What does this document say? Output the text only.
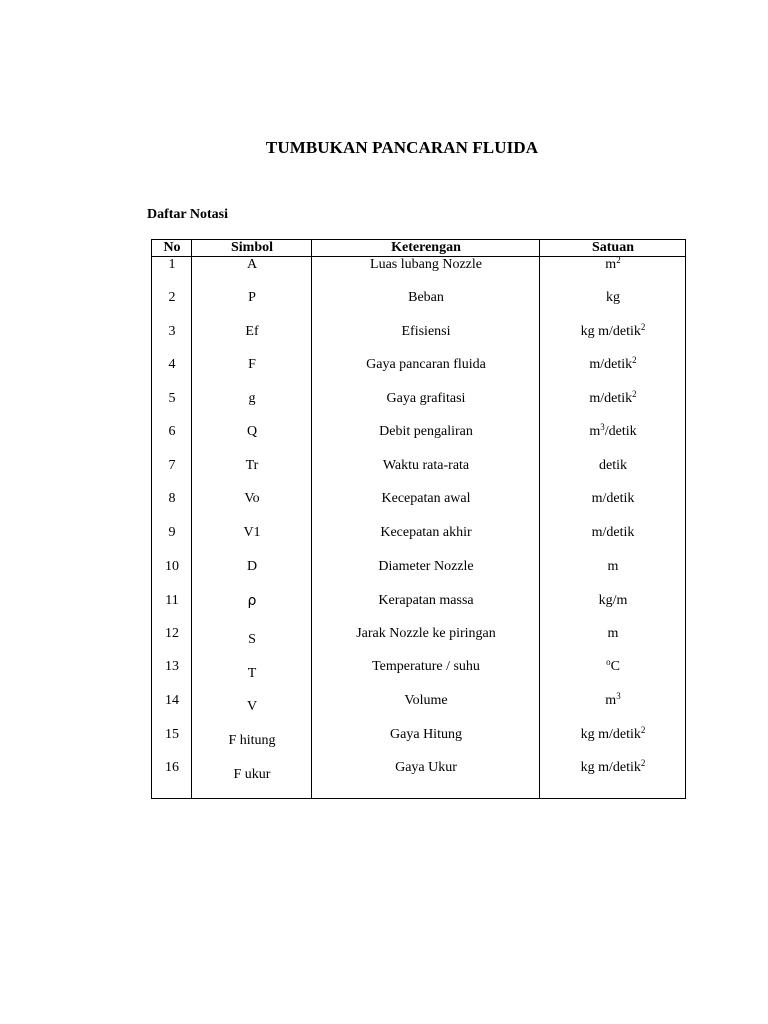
TUMBUKAN PANCARAN FLUIDA
Daftar Notasi
No	Simbol	Keterengan	Satuan
1	A	Luas lubang Nozzle	$m^2$
2	P	Beban	kg
3	Ef	Efisiensi	kg m/detik$^2$
4	F	Gaya pancaran fluida	m/detik$^2$
5	g	Gaya grafitasi	m/detik$^2$
6	Q	Debit pengaliran	$m^3$/detik
7	Tr	Waktu rata-rata	detik
8	Vo	Kecepatan awal	m/detik
9	V1	Kecepatan akhir	m/detik
10	D	Diameter Nozzle	m
11	ρ	Kerapatan massa	kg/m
12	S	Jarak Nozzle ke piringan	m
13	T	Temperature / suhu	$^o$C
14	V	Volume	$m^3$
15	F hitung	Gaya Hitung	kg m/detik$^2$
16	F ukur	Gaya Ukur	kg m/detik$^2$
